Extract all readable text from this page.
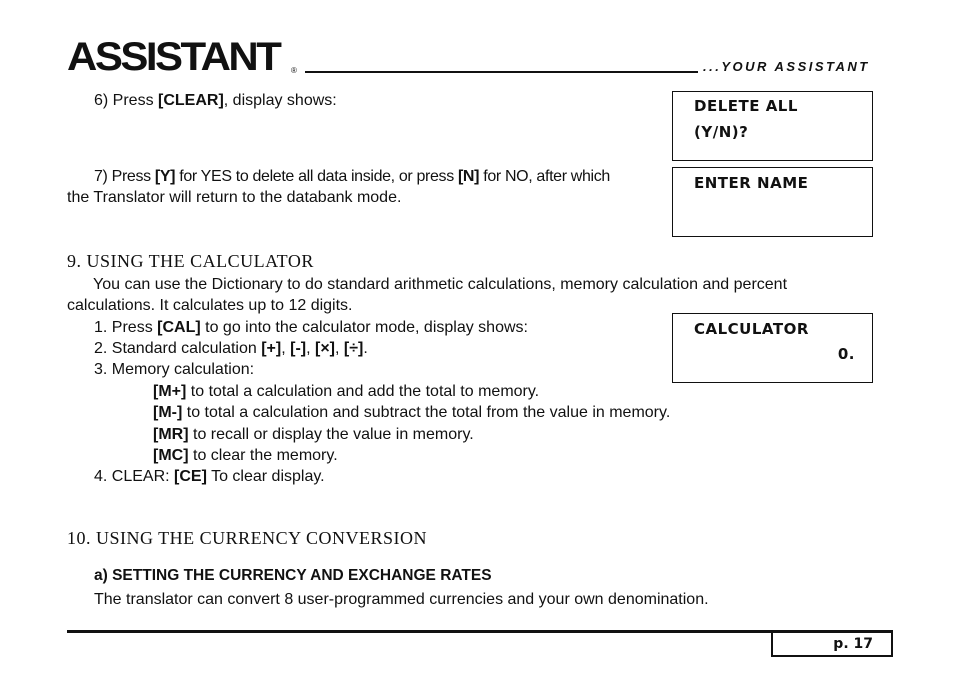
ASSISTANT ®	...YOUR ASSISTANT
6) Press [CLEAR], display shows:	DELETE ALL
(Y/N)?
7) Press [Y] for YES to delete all data inside, or press [N] for NO, after which
the Translator will return to the databank mode.
ENTER NAME
9. USING THE CALCULATOR
You can use the Dictionary to do standard arithmetic calculations, memory calculation and percent
calculations. It calculates up to 12 digits.
1. Press [CAL] to go into the calculator mode, display shows:
2. Standard calculation [+], [-], [×], [÷].
3. Memory calculation:
[M+] to total a calculation and add the total to memory.
[M-] to total a calculation and subtract the total from the value in memory.
[MR] to recall or display the value in memory.
[MC] to clear the memory.
4. CLEAR: [CE] To clear display.
CALCULATOR
0.
10. USING THE CURRENCY CONVERSION
a) SETTING THE CURRENCY AND EXCHANGE RATES
The translator can convert 8 user-programmed currencies and your own denomination.
p. 17
